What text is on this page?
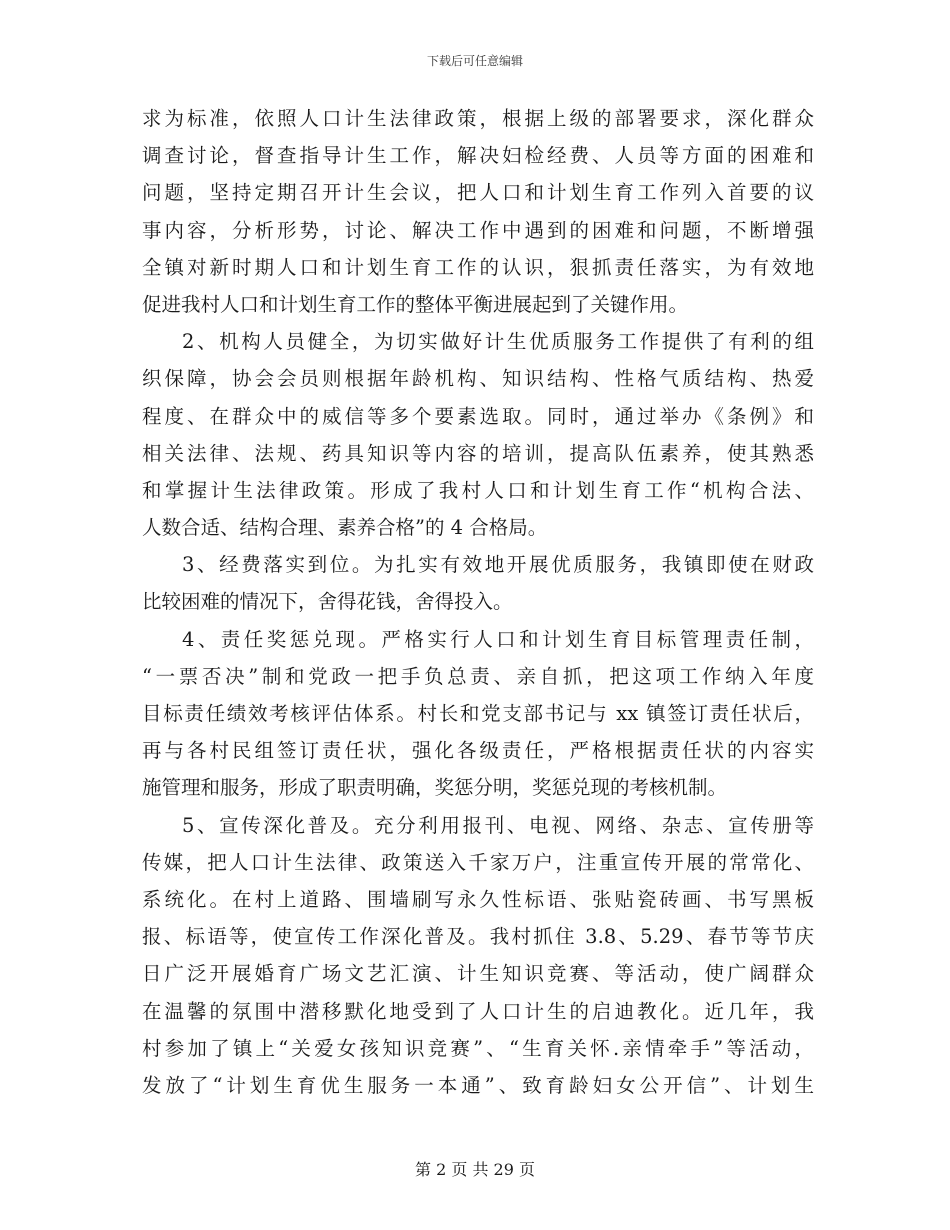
下载后可任意编辑
求为标准，依照人口计生法律政策，根据上级的部署要求，深化群众
调查讨论，督查指导计生工作，解决妇检经费、人员等方面的困难和
问题，坚持定期召开计生会议，把人口和计划生育工作列入首要的议
事内容，分析形势，讨论、解决工作中遇到的困难和问题，不断增强
全镇对新时期人口和计划生育工作的认识，狠抓责任落实，为有效地
促进我村人口和计划生育工作的整体平衡进展起到了关键作用。
2、机构人员健全，为切实做好计生优质服务工作提供了有利的组
织保障，协会会员则根据年龄机构、知识结构、性格气质结构、热爱
程度、在群众中的威信等多个要素选取。同时，通过举办《条例》和
相关法律、法规、药具知识等内容的培训，提高队伍素养，使其熟悉
和掌握计生法律政策。形成了我村人口和计划生育工作“机构合法、
人数合适、结构合理、素养合格”的 4 合格局。
3、经费落实到位。为扎实有效地开展优质服务，我镇即使在财政
比较困难的情况下，舍得花钱，舍得投入。
4、责任奖惩兑现。严格实行人口和计划生育目标管理责任制，
“一票否决”制和党政一把手负总责、亲自抓，把这项工作纳入年度
目标责任绩效考核评估体系。村长和党支部书记与 xx 镇签订责任状后，
再与各村民组签订责任状，强化各级责任，严格根据责任状的内容实
施管理和服务，形成了职责明确，奖惩分明，奖惩兑现的考核机制。
5、宣传深化普及。充分利用报刊、电视、网络、杂志、宣传册等
传媒，把人口计生法律、政策送入千家万户，注重宣传开展的常常化、
系统化。在村上道路、围墙刷写永久性标语、张贴瓷砖画、书写黑板
报、标语等，使宣传工作深化普及。我村抓住 3.8、5.29、春节等节庆
日广泛开展婚育广场文艺汇演、计生知识竞赛、等活动，使广阔群众
在温馨的氛围中潜移默化地受到了人口计生的启迪教化。近几年，我
村参加了镇上“关爱女孩知识竞赛”、“生育关怀.亲情牵手”等活动，
发放了“计划生育优生服务一本通”、致育龄妇女公开信”、计划生
第 2 页 共 29 页
